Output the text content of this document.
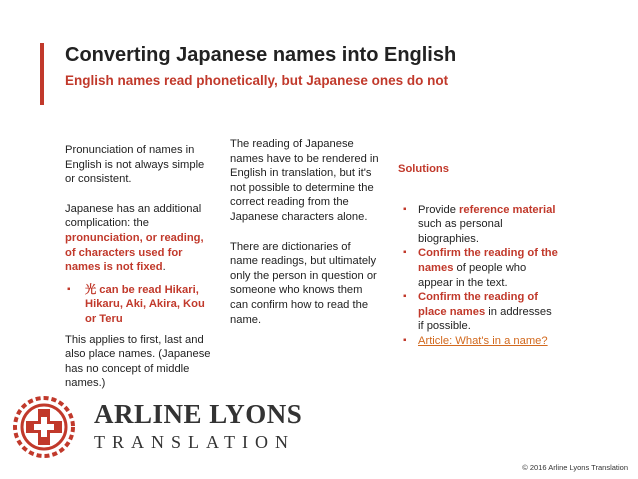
Converting Japanese names into English
English names read phonetically, but Japanese ones do not

Pronunciation of names in English is not always simple or consistent.

Japanese has an additional complication: the pronunciation, or reading, of characters used for names is not fixed.

▪ 光 can be read Hikari, Hikaru, Aki, Akira, Kou or Teru

This applies to first, last and also place names. (Japanese has no concept of middle names.)

The reading of Japanese names have to be rendered in English in translation, but it's not possible to determine the correct reading from the Japanese characters alone.

There are dictionaries of name readings, but ultimately only the person in question or someone who knows them can confirm how to read the name.

Solutions

▪ Provide reference material such as personal biographies.
▪ Confirm the reading of the names of people who appear in the text.
▪ Confirm the reading of place names in addresses if possible.
▪ Article: What's in a name?
ARLINE LYONS
TRANSLATION
© 2016 Arline Lyons Translation
